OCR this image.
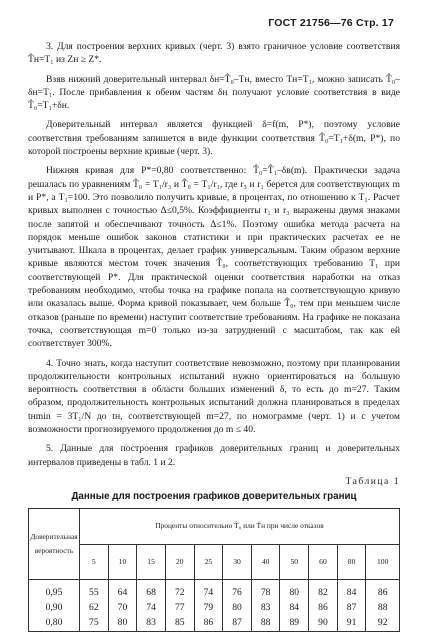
ГОСТ 21756—76 Стр. 17

3. Для построения верхних кривых (черт. 3) взято граничное условие соответствия T̂н=T₁ из Zн ≥ Z*.

Взяв нижний доверительный интервал δн=T̂₀–Tн, вместо Tн=T₁, можно записать T̂₀–δн=T₁. После прибавления к обеим частям δн получают условие соответствия в виде T̂₀=T₁+δн.

Доверительный интервал является функцией δ=f(m, P*), поэтому условие соответствия требованиям запишется в виде функции соответствия T̂₀=T₁+δ(m, P*), по которой построены верхние кривые (черт. 3).

Нижняя кривая для P*=0,80 соответственно: T̂₀=T̂₁–δв(m). Практически задача решалась по уравнениям T̂₀ = T₁/r₃ и T̂₀ = T₁/r₁, где r₃ и r₁ берется для соответствующих m и P*, а T₁=100. Это позволило получить кривые, в процентах, по отношению к T₁. Расчет кривых выполнен с точностью Δ≤0,5%. Коэффициенты r₁ и r₃ выражены двумя знаками после запятой и обеспечивают точность Δ≤1%. Поэтому ошибка метода расчета на порядок меньше ошибок законов статистики и при практических расчетах ее не учитывают. Шкала в процентах, делает график универсальным. Таким образом верхние кривые являются местом точек значения T̂₀, соответствующих требованию T₁ при соответствующей P*. Для практической оценки соответствия наработки на отказ требованиям необходимо, чтобы точка на графике попала на соответствующую кривую или оказалась выше. Форма кривой показывает, чем больше T̂₀, тем при меньшем числе отказов (раньше по времени) наступит соответствие требованиям. На графике не показана точка, соответствующая m=0 только из-за затруднений с масштабом, так как ей соответствует 300%.

4. Точно знать, когда наступит соответствие невозможно, поэтому при планировании продолжительности контрольных испытаний нужно ориентироваться на большую вероятность соответствия в области больших изменений δ, то есть до m=27. Таким образом, продолжительность контрольных испытаний должна планироваться в пределах tнmin = 3T₁/N до tн, соответствующей m=27, по номограмме (черт. 1) и с учетом возможности прогнозируемого продолжения до m ≤ 40.

5. Данные для построения графиков доверительных границ и доверительных интервалов приведены в табл. 1 и 2.

Таблица 1
Данные для построения графиков доверительных границ
Доверительная вероятность	Проценты относительно T̂₀ или T̂н при числе отказов										
	5	10	15	20	25	30	40	50	60	80	100
0,95	55	64	68	72	74	76	78	80	82	84	86
0,90	62	70	74	77	79	80	83	84	86	87	88
0,80	75	80	83	85	86	87	88	89	90	91	92
